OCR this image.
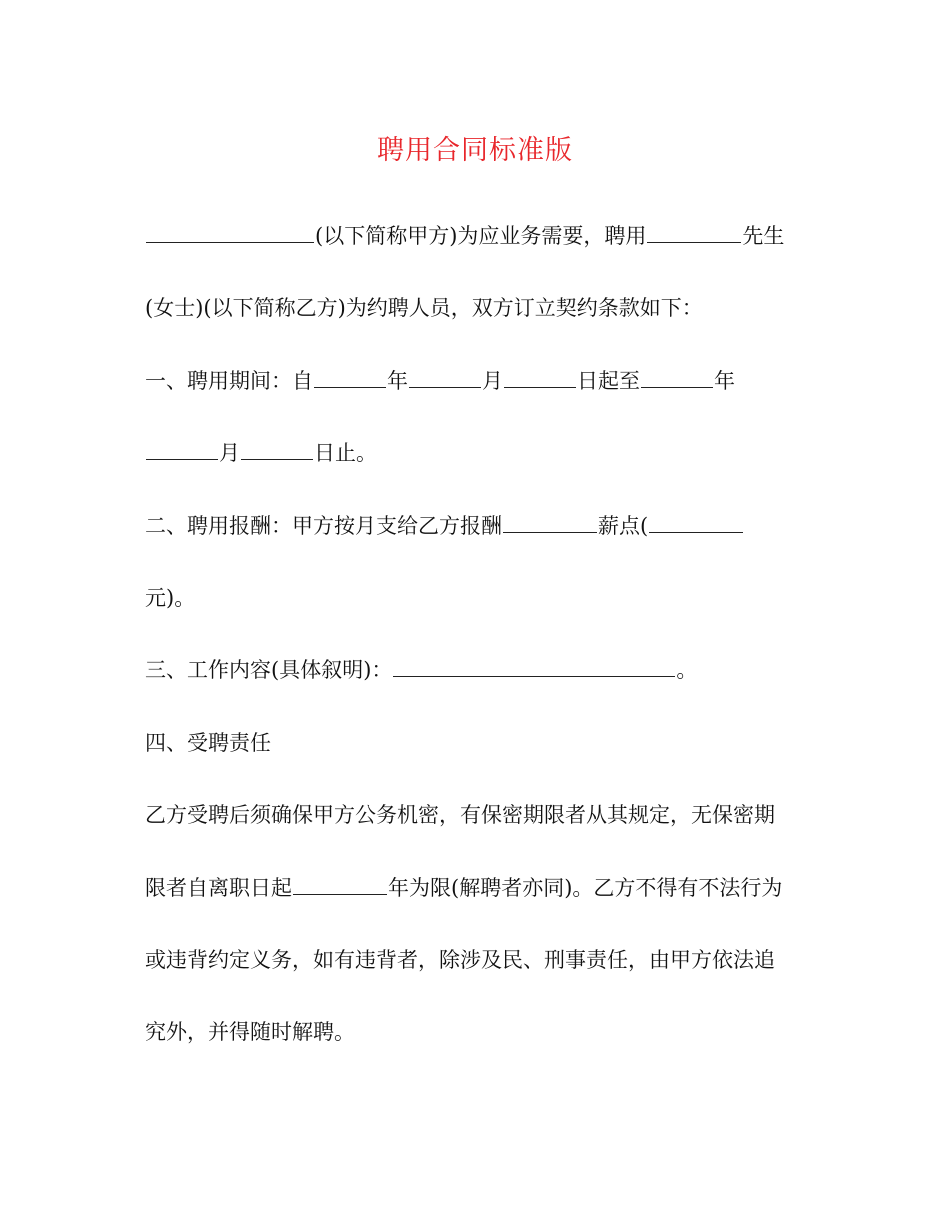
聘用合同标准版
(以下简称甲方)为应业务需要，聘用	先生
(女士)(以下简称乙方)为约聘人员，双方订立契约条款如下：
一、聘用期间：自	年	月	日起至	年
月	日止。
二、聘用报酬：甲方按月支给乙方报酬	薪点(
元)。
三、工作内容(具体叙明)：	。
四、受聘责任
乙方受聘后须确保甲方公务机密，有保密期限者从其规定，无保密期
限者自离职日起	年为限(解聘者亦同)。乙方不得有不法行为
或违背约定义务，如有违背者，除涉及民、刑事责任，由甲方依法追
究外，并得随时解聘。
